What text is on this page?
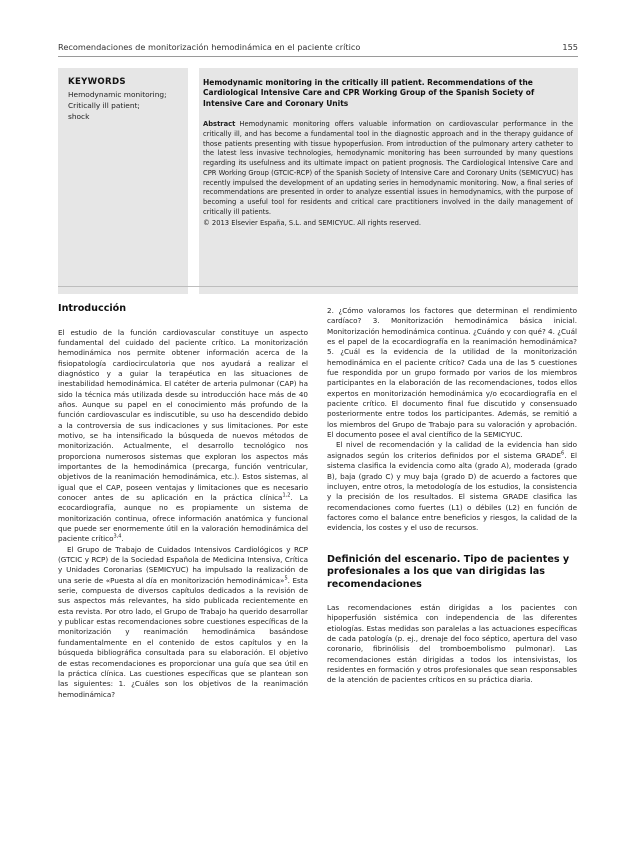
Recomendaciones de monitorización hemodinámica en el paciente crítico	155
KEYWORDS
Hemodynamic monitoring;
Critically ill patient;
shock
Hemodynamic monitoring in the critically ill patient. Recommendations of the Cardiological Intensive Care and CPR Working Group of the Spanish Society of Intensive Care and Coronary Units
Abstract Hemodynamic monitoring offers valuable information on cardiovascular performance in the critically ill, and has become a fundamental tool in the diagnostic approach and in the therapy guidance of those patients presenting with tissue hypoperfusion. From introduction of the pulmonary artery catheter to the latest less invasive technologies, hemodynamic monitoring has been surrounded by many questions regarding its usefulness and its ultimate impact on patient prognosis. The Cardiological Intensive Care and CPR Working Group (GTCIC-RCP) of the Spanish Society of Intensive Care and Coronary Units (SEMICYUC) has recently impulsed the development of an updating series in hemodynamic monitoring. Now, a final series of recommendations are presented in order to analyze essential issues in hemodynamics, with the purpose of becoming a useful tool for residents and critical care practitioners involved in the daily management of critically ill patients.
© 2013 Elsevier España, S.L. and SEMICYUC. All rights reserved.
Introducción

El estudio de la función cardiovascular constituye un aspecto fundamental del cuidado del paciente crítico. La monitorización hemodinámica nos permite obtener información acerca de la fisiopatología cardiocirculatoria que nos ayudará a realizar el diagnóstico y a guiar la terapéutica en las situaciones de inestabilidad hemodinámica. El catéter de arteria pulmonar (CAP) ha sido la técnica más utilizada desde su introducción hace más de 40 años. Aunque su papel en el conocimiento más profundo de la función cardiovascular es indiscutible, su uso ha descendido debido a la controversia de sus indicaciones y sus limitaciones. Por este motivo, se ha intensificado la búsqueda de nuevos métodos de monitorización. Actualmente, el desarrollo tecnológico nos proporciona numerosos sistemas que exploran los aspectos más importantes de la hemodinámica (precarga, función ventricular, objetivos de la reanimación hemodinámica, etc.). Estos sistemas, al igual que el CAP, poseen ventajas y limitaciones que es necesario conocer antes de su aplicación en la práctica clínica$^{1,2}$. La ecocardiografía, aunque no es propiamente un sistema de monitorización continua, ofrece información anatómica y funcional que puede ser enormemente útil en la valoración hemodinámica del paciente crítico$^{3,4}$.

El Grupo de Trabajo de Cuidados Intensivos Cardiológicos y RCP (GTCIC y RCP) de la Sociedad Española de Medicina Intensiva, Crítica y Unidades Coronarias (SEMICYUC) ha impulsado la realización de una serie de «Puesta al día en monitorización hemodinámica»$^5$. Esta serie, compuesta de diversos capítulos dedicados a la revisión de sus aspectos más relevantes, ha sido publicada recientemente en esta revista. Por otro lado, el Grupo de Trabajo ha querido desarrollar y publicar estas recomendaciones sobre cuestiones específicas de la monitorización y reanimación hemodinámica basándose fundamentalmente en el contenido de estos capítulos y en la búsqueda bibliográfica consultada para su elaboración. El objetivo de estas recomendaciones es proporcionar una guía que sea útil en la práctica clínica. Las cuestiones específicas que se plantean son las siguientes: 1. ¿Cuáles son los objetivos de la reanimación hemodinámica?

2. ¿Cómo valoramos los factores que determinan el rendimiento cardíaco? 3. Monitorización hemodinámica básica inicial. Monitorización hemodinámica continua. ¿Cuándo y con qué? 4. ¿Cuál es el papel de la ecocardiografía en la reanimación hemodinámica? 5. ¿Cuál es la evidencia de la utilidad de la monitorización hemodinámica en el paciente crítico? Cada una de las 5 cuestiones fue respondida por un grupo formado por varios de los miembros participantes en la elaboración de las recomendaciones, todos ellos expertos en monitorización hemodinámica y/o ecocardiografía en el paciente crítico. El documento final fue discutido y consensuado posteriormente entre todos los participantes. Además, se remitió a los miembros del Grupo de Trabajo para su valoración y aprobación. El documento posee el aval científico de la SEMICYUC.

El nivel de recomendación y la calidad de la evidencia han sido asignados según los criterios definidos por el sistema GRADE$^6$. El sistema clasifica la evidencia como alta (grado A), moderada (grado B), baja (grado C) y muy baja (grado D) de acuerdo a factores que incluyen, entre otros, la metodología de los estudios, la consistencia y la precisión de los resultados. El sistema GRADE clasifica las recomendaciones como fuertes (L1) o débiles (L2) en función de factores como el balance entre beneficios y riesgos, la calidad de la evidencia, los costes y el uso de recursos.

Definición del escenario. Tipo de pacientes y profesionales a los que van dirigidas las recomendaciones

Las recomendaciones están dirigidas a los pacientes con hipoperfusión sistémica con independencia de las diferentes etiologías. Estas medidas son paralelas a las actuaciones específicas de cada patología (p. ej., drenaje del foco séptico, apertura del vaso coronario, fibrinólisis del tromboembolismo pulmonar). Las recomendaciones están dirigidas a todos los intensivistas, los residentes en formación y otros profesionales que sean responsables de la atención de pacientes críticos en su práctica diaria.
